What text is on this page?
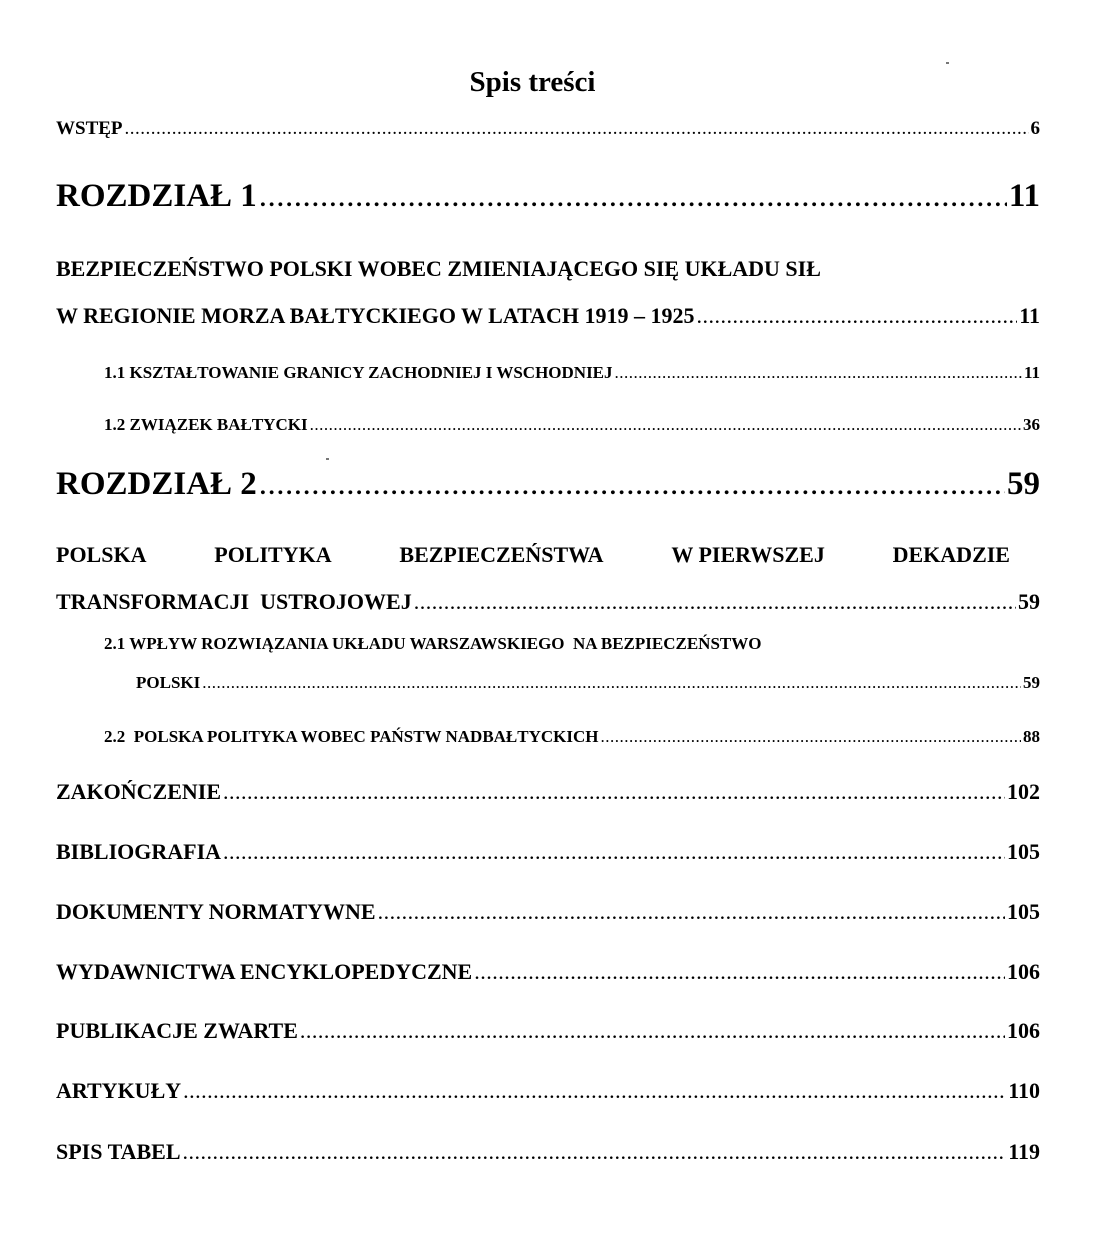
Spis treści
WSTĘP .....	6
ROZDZIAŁ 1 .....	11
BEZPIECZEŃSTWO POLSKI WOBEC ZMIENIAJĄCEGO SIĘ UKŁADU SIŁ
W REGIONIE MORZA BAŁTYCKIEGO W LATACH 1919 – 1925 .....	11
1.1 KSZTAŁTOWANIE GRANICY ZACHODNIEJ I WSCHODNIEJ .....	11
1.2 ZWIĄZEK BAŁTYCKI .....	36
ROZDZIAŁ 2 .....	59
POLSKA	POLITYKA	BEZPIECZEŃSTWA	W PIERWSZEJ	DEKADZIE
TRANSFORMACJI  USTROJOWEJ .....	59
2.1 WPŁYW ROZWIĄZANIA UKŁADU WARSZAWSKIEGO  NA BEZPIECZEŃSTWO
POLSKI .....	59
2.2  POLSKA POLITYKA WOBEC PAŃSTW NADBAŁTYCKICH .....	88
ZAKOŃCZENIE .....	102
BIBLIOGRAFIA .....	105
DOKUMENTY NORMATYWNE .....	105
WYDAWNICTWA ENCYKLOPEDYCZNE .....	106
PUBLIKACJE ZWARTE .....	106
ARTYKUŁY .....	110
SPIS TABEL .....	119
